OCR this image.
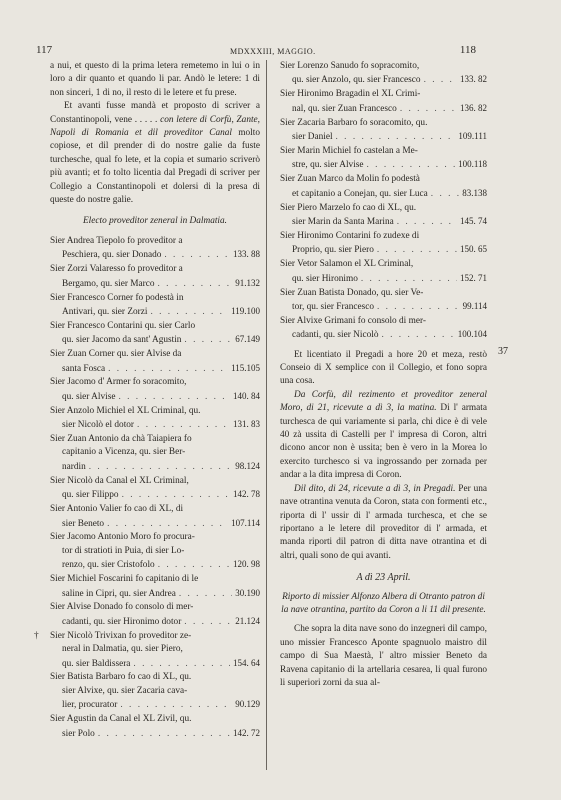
117	MDXXXIII, MAGGIO.	118

a nui, et questo di la prima letera remetemo in lui o in loro a dir quanto et quando li par. Andò le letere: 1 di non sinceri, 1 di no, il resto di le letere et fu prese.

Et avanti fusse mandà et proposto di scriver a Constantinopoli, vene . . . . . con letere di Corfù, Zante, Napoli di Romania et dil proveditor Canal molto copiose, et dil prender di do nostre galie da fuste turchesche, qual fo lete, et la copia et sumario scriverò più avanti; et fo tolto licentia dal Pregadi di scriver per Collegio a Constantinopoli et dolersi di la presa di queste do nostre galie.

Electo proveditor zeneral in Dalmatia.
Sier Andrea Tiepolo fo proveditor a
Peschiera, qu. sier Donado . . .	133. 88
Sier Zorzi Valaresso fo proveditor a
Bergamo, qu. sier Marco . . .	91.132
Sier Francesco Corner fo podestà in
Antivari, qu. sier Zorzi . . .	119.100
Sier Francesco Contarini qu. sier Carlo
qu. sier Jacomo da sant' Agustin . . .	67.149
Sier Zuan Corner qu. sier Alvise da
santa Fosca . . .	115.105
Sier Jacomo d' Armer fo soracomito,
qu. sier Alvise . . .	140. 84
Sier Anzolo Michiel el XL Criminal, qu.
sier Nicolò el dotor . . .	131. 83
Sier Zuan Antonio da chà Taiapiera fo
capitanio a Vicenza, qu. sier Ber-
nardin . . .	98.124
Sier Nicolò da Canal el XL Criminal,
qu. sier Filippo . . .	142. 78
Sier Antonio Valier fo cao di XL, di
sier Beneto . . .	107.114
Sier Jacomo Antonio Moro fo procura-
tor di stratioti in Puia, di sier Lo-
renzo, qu. sier Cristofolo . . .	120. 98
Sier Michiel Foscarini fo capitanio di le
saline in Cipri, qu. sier Andrea . . .	30.190
Sier Alvise Donado fo consolo di mer-
cadanti, qu. sier Hironimo dotor . . .	21.124
† Sier Nicolò Trivixan fo proveditor ze-
neral in Dalmatia, qu. sier Piero,
qu. sier Baldissera . . .	154. 64
Sier Batista Barbaro fo cao di XL, qu.
sier Alvixe, qu. sier Zacaria cava-
lier, procurator . . .	90.129
Sier Agustin da Canal el XL Zivil, qu.
sier Polo . . .	142. 72
Sier Lorenzo Sanudo fo sopracomito,
qu. sier Anzolo, qu. sier Francesco . . .	133. 82
Sier Hironimo Bragadin el XL Crimi-
nal, qu. sier Zuan Francesco . . .	136. 82
Sier Zacaria Barbaro fo soracomito, qu.
sier Daniel . . .	109.111
Sier Marin Michiel fo castelan a Me-
stre, qu. sier Alvise . . .	100.118
Sier Zuan Marco da Molin fo podestà
et capitanio a Conejan, qu. sier Luca . . .	83.138
Sier Piero Marzelo fo cao di XL, qu.
sier Marin da Santa Marina . . .	145. 74
Sier Hironimo Contarini fo zudexe di
Proprio, qu. sier Piero . . .	150. 65
Sier Vetor Salamon el XL Criminal,
qu. sier Hironimo . . .	152. 71
Sier Zuan Batista Donado, qu. sier Ve-
tor, qu. sier Francesco . . .	99.114
Sier Alvixe Grimani fo consolo di mer-
cadanti, qu. sier Nicolò . . .	100.104

Et licentiato il Pregadi a hore 20 et meza, restò Conseio di X semplice con il Collegio, et fono sopra una cosa.

Da Corfù, dil rezimento et proveditor zeneral Moro, di 21, ricevute a dì 3, la matina. Di l' armata turchesca de qui variamente si parla, chi dice è di vele 40 zà ussita di Castelli per l' impresa di Coron, altri dicono ancor non è ussita; ben è vero in la Morea lo exercito turchesco si va ingrossando per zornada per andar a la dita impresa di Coron.

Dil dito, di 24, ricevute a dì 3, in Pregadi. Per una nave otrantina venuta da Coron, stata con formenti etc., riporta di l' ussir di l' armada turchesca, et che se riportano a le letere dil proveditor di l' armada, et manda riporti dil patron di ditta nave otrantina et di altri, quali sono de qui avanti.

A dì 23 April.
Riporto di missier Alfonzo Albera di Otranto patron di la nave otrantina, partito da Coron a li 11 dil presente.

Che sopra la dita nave sono do inzegneri dil campo, uno missier Francesco Aponte spagnuolo maistro dil campo di Sua Maestà, l' altro missier Beneto da Ravena capitanio di la artellaria cesarea, li qual furono li superiori zorni da sua al-

37
